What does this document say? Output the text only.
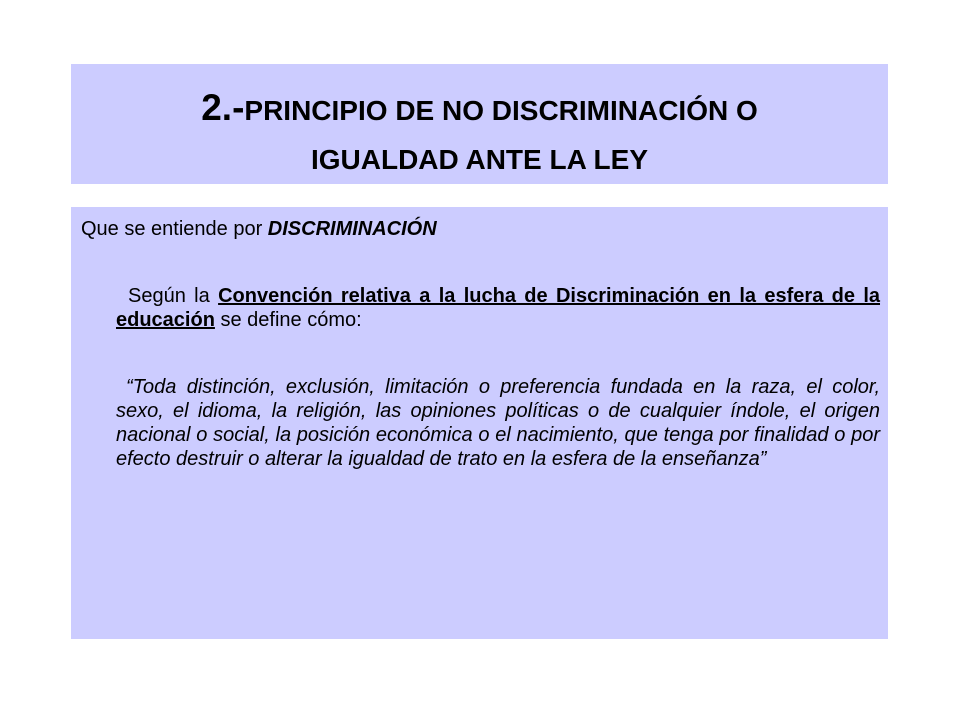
2.-PRINCIPIO DE NO DISCRIMINACIÓN O
IGUALDAD ANTE LA LEY

Que se entiende por DISCRIMINACIÓN

Según la Convención relativa a la lucha de Discriminación en la esfera de la educación se define cómo:

“Toda distinción, exclusión, limitación o preferencia fundada en la raza, el color, sexo, el idioma, la religión, las opiniones políticas o de cualquier índole, el origen nacional o social, la posición económica o el nacimiento, que tenga por finalidad o por efecto destruir o alterar la igualdad de trato en la esfera de la enseñanza”
